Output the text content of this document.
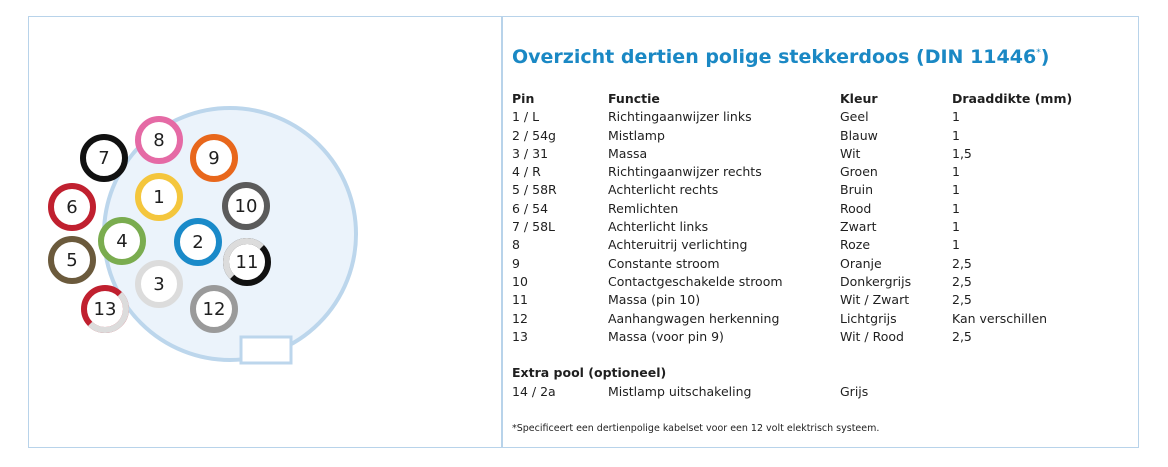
1
2
3
4
5
6
7
8
9
10
11
12
13
Overzicht dertien polige stekkerdoos (DIN 11446*)
Pin	Functie	Kleur	Draaddikte (mm)
1 / L	Richtingaanwijzer links	Geel	1
2 / 54g	Mistlamp	Blauw	1
3 / 31	Massa	Wit	1,5
4 / R	Richtingaanwijzer rechts	Groen	1
5 / 58R	Achterlicht rechts	Bruin	1
6 / 54	Remlichten	Rood	1
7 / 58L	Achterlicht links	Zwart	1
8	Achteruitrij verlichting	Roze	1
9	Constante stroom	Oranje	2,5
10	Contactgeschakelde stroom	Donkergrijs	2,5
11	Massa (pin 10)	Wit / Zwart	2,5
12	Aanhangwagen herkenning	Lichtgrijs	Kan verschillen
13	Massa (voor pin 9)	Wit / Rood	2,5
Extra pool (optioneel)
14 / 2a	Mistlamp uitschakeling	Grijs
*Specificeert een dertienpolige kabelset voor een 12 volt elektrisch systeem.
